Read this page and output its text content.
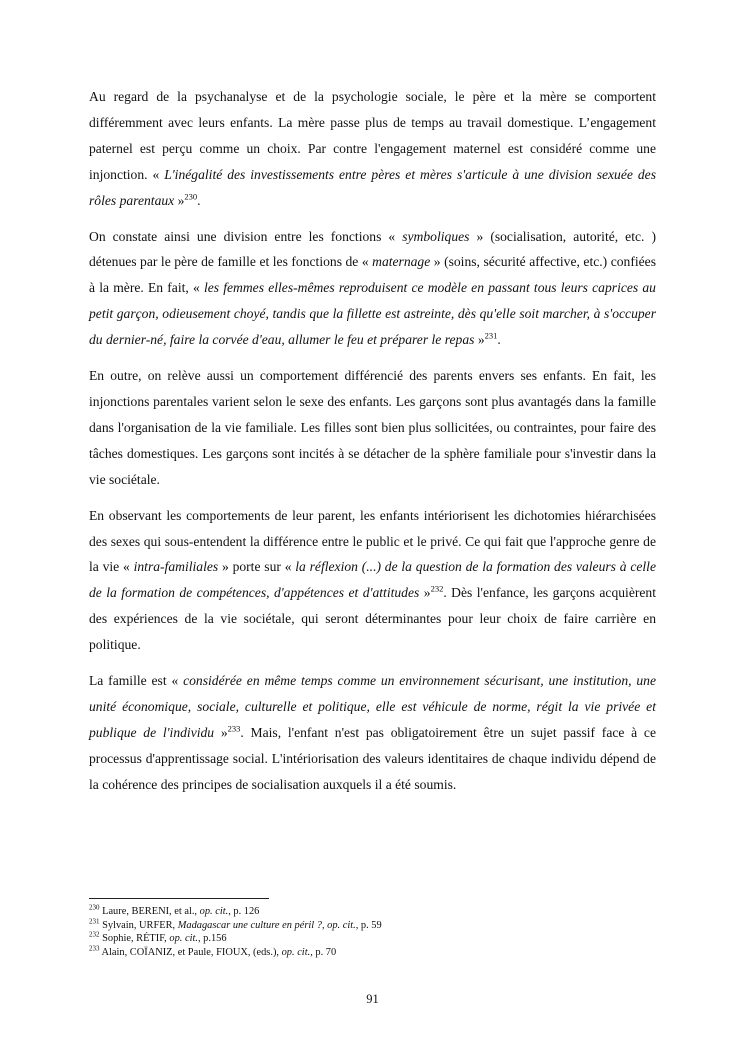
Au regard de la psychanalyse et de la psychologie sociale, le père et la mère se comportent différemment avec leurs enfants. La mère passe plus de temps au travail domestique. L’engagement paternel est perçu comme un choix. Par contre l'engagement maternel est considéré comme une injonction. « L'inégalité des investissements entre pères et mères s'articule à une division sexuée des rôles parentaux »$^{230}$.

On constate ainsi une division entre les fonctions « symboliques » (socialisation, autorité, etc. ) détenues par le père de famille et les fonctions de « maternage » (soins, sécurité affective, etc.) confiées à la mère. En fait, « les femmes elles-mêmes reproduisent ce modèle en passant tous leurs caprices au petit garçon, odieusement choyé, tandis que la fillette est astreinte, dès qu'elle soit marcher, à s'occuper du dernier-né, faire la corvée d'eau, allumer le feu et préparer le repas »$^{231}$.

En outre, on relève aussi un comportement différencié des parents envers ses enfants. En fait, les injonctions parentales varient selon le sexe des enfants. Les garçons sont plus avantagés dans la famille dans l'organisation de la vie familiale. Les filles sont bien plus sollicitées, ou contraintes, pour faire des tâches domestiques. Les garçons sont incités à se détacher de la sphère familiale pour s'investir dans la vie sociétale.

En observant les comportements de leur parent, les enfants intériorisent les dichotomies hiérarchisées des sexes qui sous-entendent la différence entre le public et le privé. Ce qui fait que l'approche genre de la vie « intra-familiales » porte sur « la réflexion (...) de la question de la formation des valeurs à celle de la formation de compétences, d'appétences et d'attitudes »$^{232}$. Dès l'enfance, les garçons acquièrent des expériences de la vie sociétale, qui seront déterminantes pour leur choix de faire carrière en politique.

La famille est « considérée en même temps comme un environnement sécurisant, une institution, une unité économique, sociale, culturelle et politique, elle est véhicule de norme, régit la vie privée et publique de l'individu »$^{233}$. Mais, l'enfant n'est pas obligatoirement être un sujet passif face à ce processus d'apprentissage social. L'intériorisation des valeurs identitaires de chaque individu dépend de la cohérence des principes de socialisation auxquels il a été soumis.

$^{230}$ Laure, BERENI, et al., op. cit., p. 126

$^{231}$ Sylvain, URFER, Madagascar une culture en péril ?, op. cit., p. 59

$^{232}$ Sophie, RÉTIF, op. cit., p.156

$^{233}$ Alain, COÏANIZ, et Paule, FIOUX, (eds.), op. cit., p. 70

91
